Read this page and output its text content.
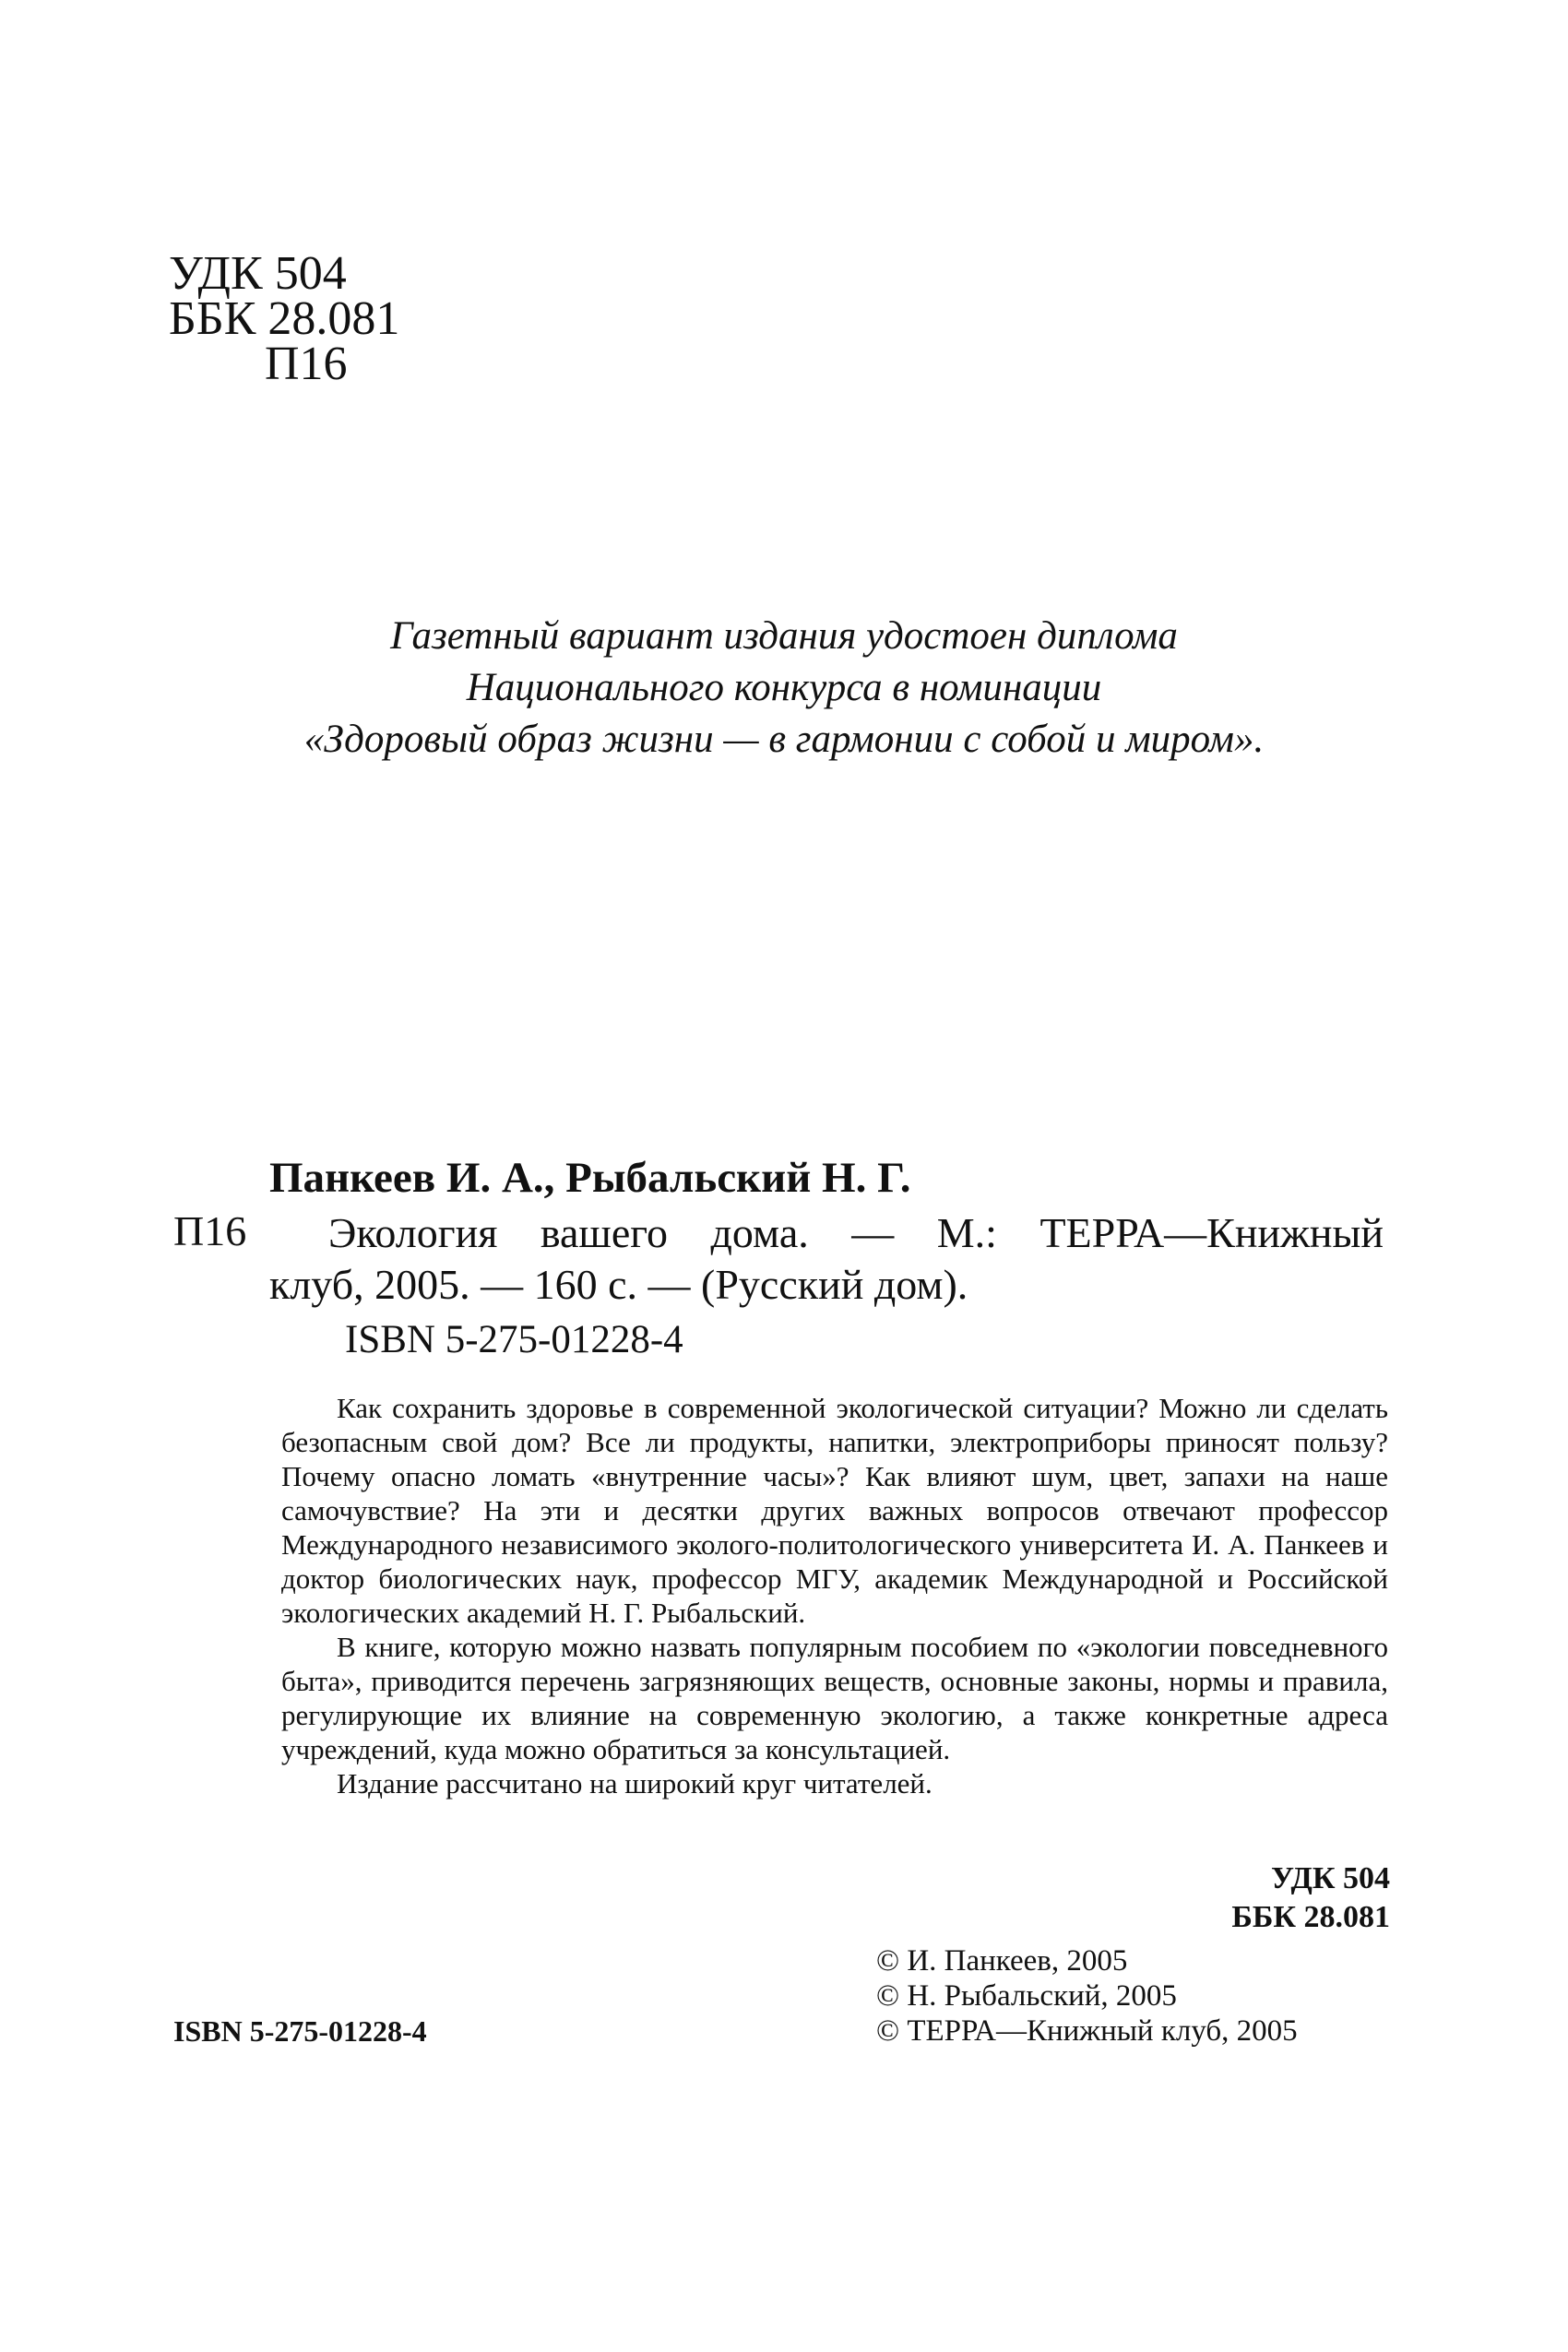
УДК 504
ББК 28.081
П16
Газетный вариант издания удостоен диплома
Национального конкурса в номинации
«Здоровый образ жизни — в гармонии с собой и миром».
Панкеев И. А., Рыбальский Н. Г.
П16	Экология вашего дома. — М.: ТЕРРА—Книжный
клуб, 2005. — 160 с. — (Русский дом).
ISBN 5-275-01228-4

Как сохранить здоровье в современной экологической ситуации? Можно ли сделать безопасным свой дом? Все ли продукты, напитки, электроприборы приносят пользу? Почему опасно ломать «внутренние часы»? Как влияют шум, цвет, запахи на наше самочувствие? На эти и десятки других важных вопросов отвечают профессор Международного независимого эколого-политологического университета И. А. Панкеев и доктор биологических наук, профессор МГУ, академик Международной и Российской экологических академий Н. Г. Рыбальский.

В книге, которую можно назвать популярным пособием по «экологии повседневного быта», приводится перечень загрязняющих веществ, основные законы, нормы и правила, регулирующие их влияние на современную экологию, а также конкретные адреса учреждений, куда можно обратиться за консультацией.

Издание рассчитано на широкий круг читателей.

УДК 504
ББК 28.081
ISBN 5-275-01228-4
© И. Панкеев, 2005
© Н. Рыбальский, 2005
© ТЕРРА—Книжный клуб, 2005
